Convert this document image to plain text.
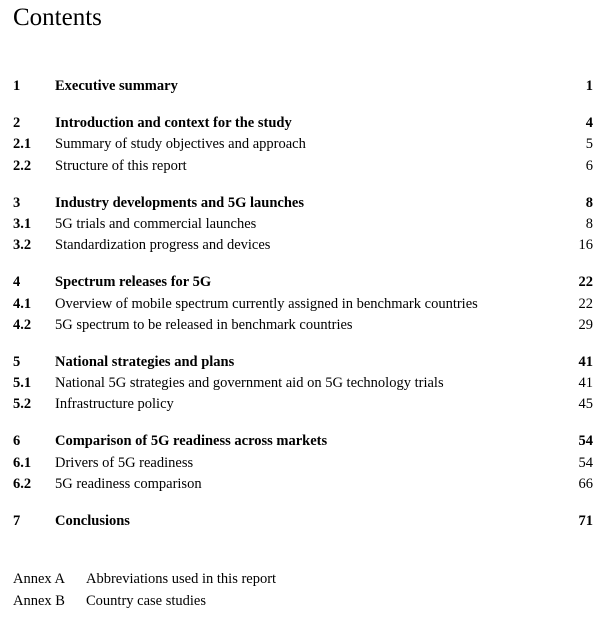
Contents
1 Executive summary	1
2 Introduction and context for the study	4
2.1 Summary of study objectives and approach	5
2.2 Structure of this report	6
3 Industry developments and 5G launches	8
3.1 5G trials and commercial launches	8
3.2 Standardization progress and devices	16
4 Spectrum releases for 5G	22
4.1 Overview of mobile spectrum currently assigned in benchmark countries	22
4.2 5G spectrum to be released in benchmark countries	29
5 National strategies and plans	41
5.1 National 5G strategies and government aid on 5G technology trials	41
5.2 Infrastructure policy	45
6 Comparison of 5G readiness across markets	54
6.1 Drivers of 5G readiness	54
6.2 5G readiness comparison	66
7 Conclusions	71
Annex A Abbreviations used in this report
Annex B Country case studies
